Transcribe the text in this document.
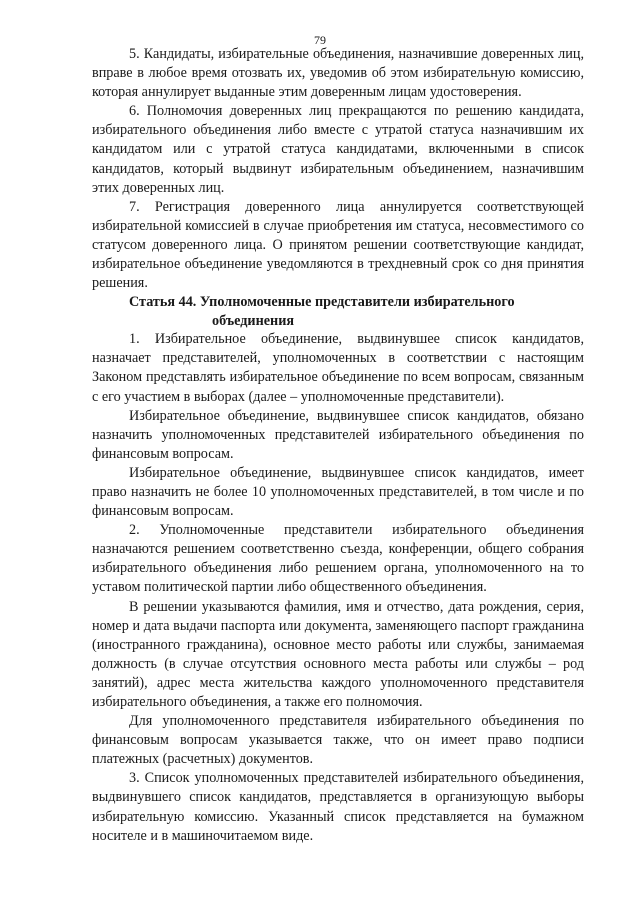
79

5. Кандидаты, избирательные объединения, назначившие доверенных лиц, вправе в любое время отозвать их, уведомив об этом избирательную комиссию, которая аннулирует выданные этим доверенным лицам удостоверения.

6. Полномочия доверенных лиц прекращаются по решению кандидата, избирательного объединения либо вместе с утратой статуса назначившим их кандидатом или с утратой статуса кандидатами, включенными в список кандидатов, который выдвинут избирательным объединением, назначившим этих доверенных лиц.

7. Регистрация доверенного лица аннулируется соответствующей избирательной комиссией в случае приобретения им статуса, несовместимого со статусом доверенного лица. О принятом решении соответствующие кандидат, избирательное объединение уведомляются в трехдневный срок со дня принятия решения.

Статья 44. Уполномоченные представители избирательного
объединения

1. Избирательное объединение, выдвинувшее список кандидатов, назначает представителей, уполномоченных в соответствии с настоящим Законом представлять избирательное объединение по всем вопросам, связанным с его участием в выборах (далее – уполномоченные представители).

Избирательное объединение, выдвинувшее список кандидатов, обязано назначить уполномоченных представителей избирательного объединения по финансовым вопросам.

Избирательное объединение, выдвинувшее список кандидатов, имеет право назначить не более 10 уполномоченных представителей, в том числе и по финансовым вопросам.

2. Уполномоченные представители избирательного объединения назначаются решением соответственно съезда, конференции, общего собрания избирательного объединения либо решением органа, уполномоченного на то уставом политической партии либо общественного объединения.

В решении указываются фамилия, имя и отчество, дата рождения, серия, номер и дата выдачи паспорта или документа, заменяющего паспорт гражданина (иностранного гражданина), основное место работы или службы, занимаемая должность (в случае отсутствия основного места работы или службы – род занятий), адрес места жительства каждого уполномоченного представителя избирательного объединения, а также его полномочия.

Для уполномоченного представителя избирательного объединения по финансовым вопросам указывается также, что он имеет право подписи платежных (расчетных) документов.

3. Список уполномоченных представителей избирательного объединения, выдвинувшего список кандидатов, представляется в организующую выборы избирательную комиссию. Указанный список представляется на бумажном носителе и в машиночитаемом виде.
